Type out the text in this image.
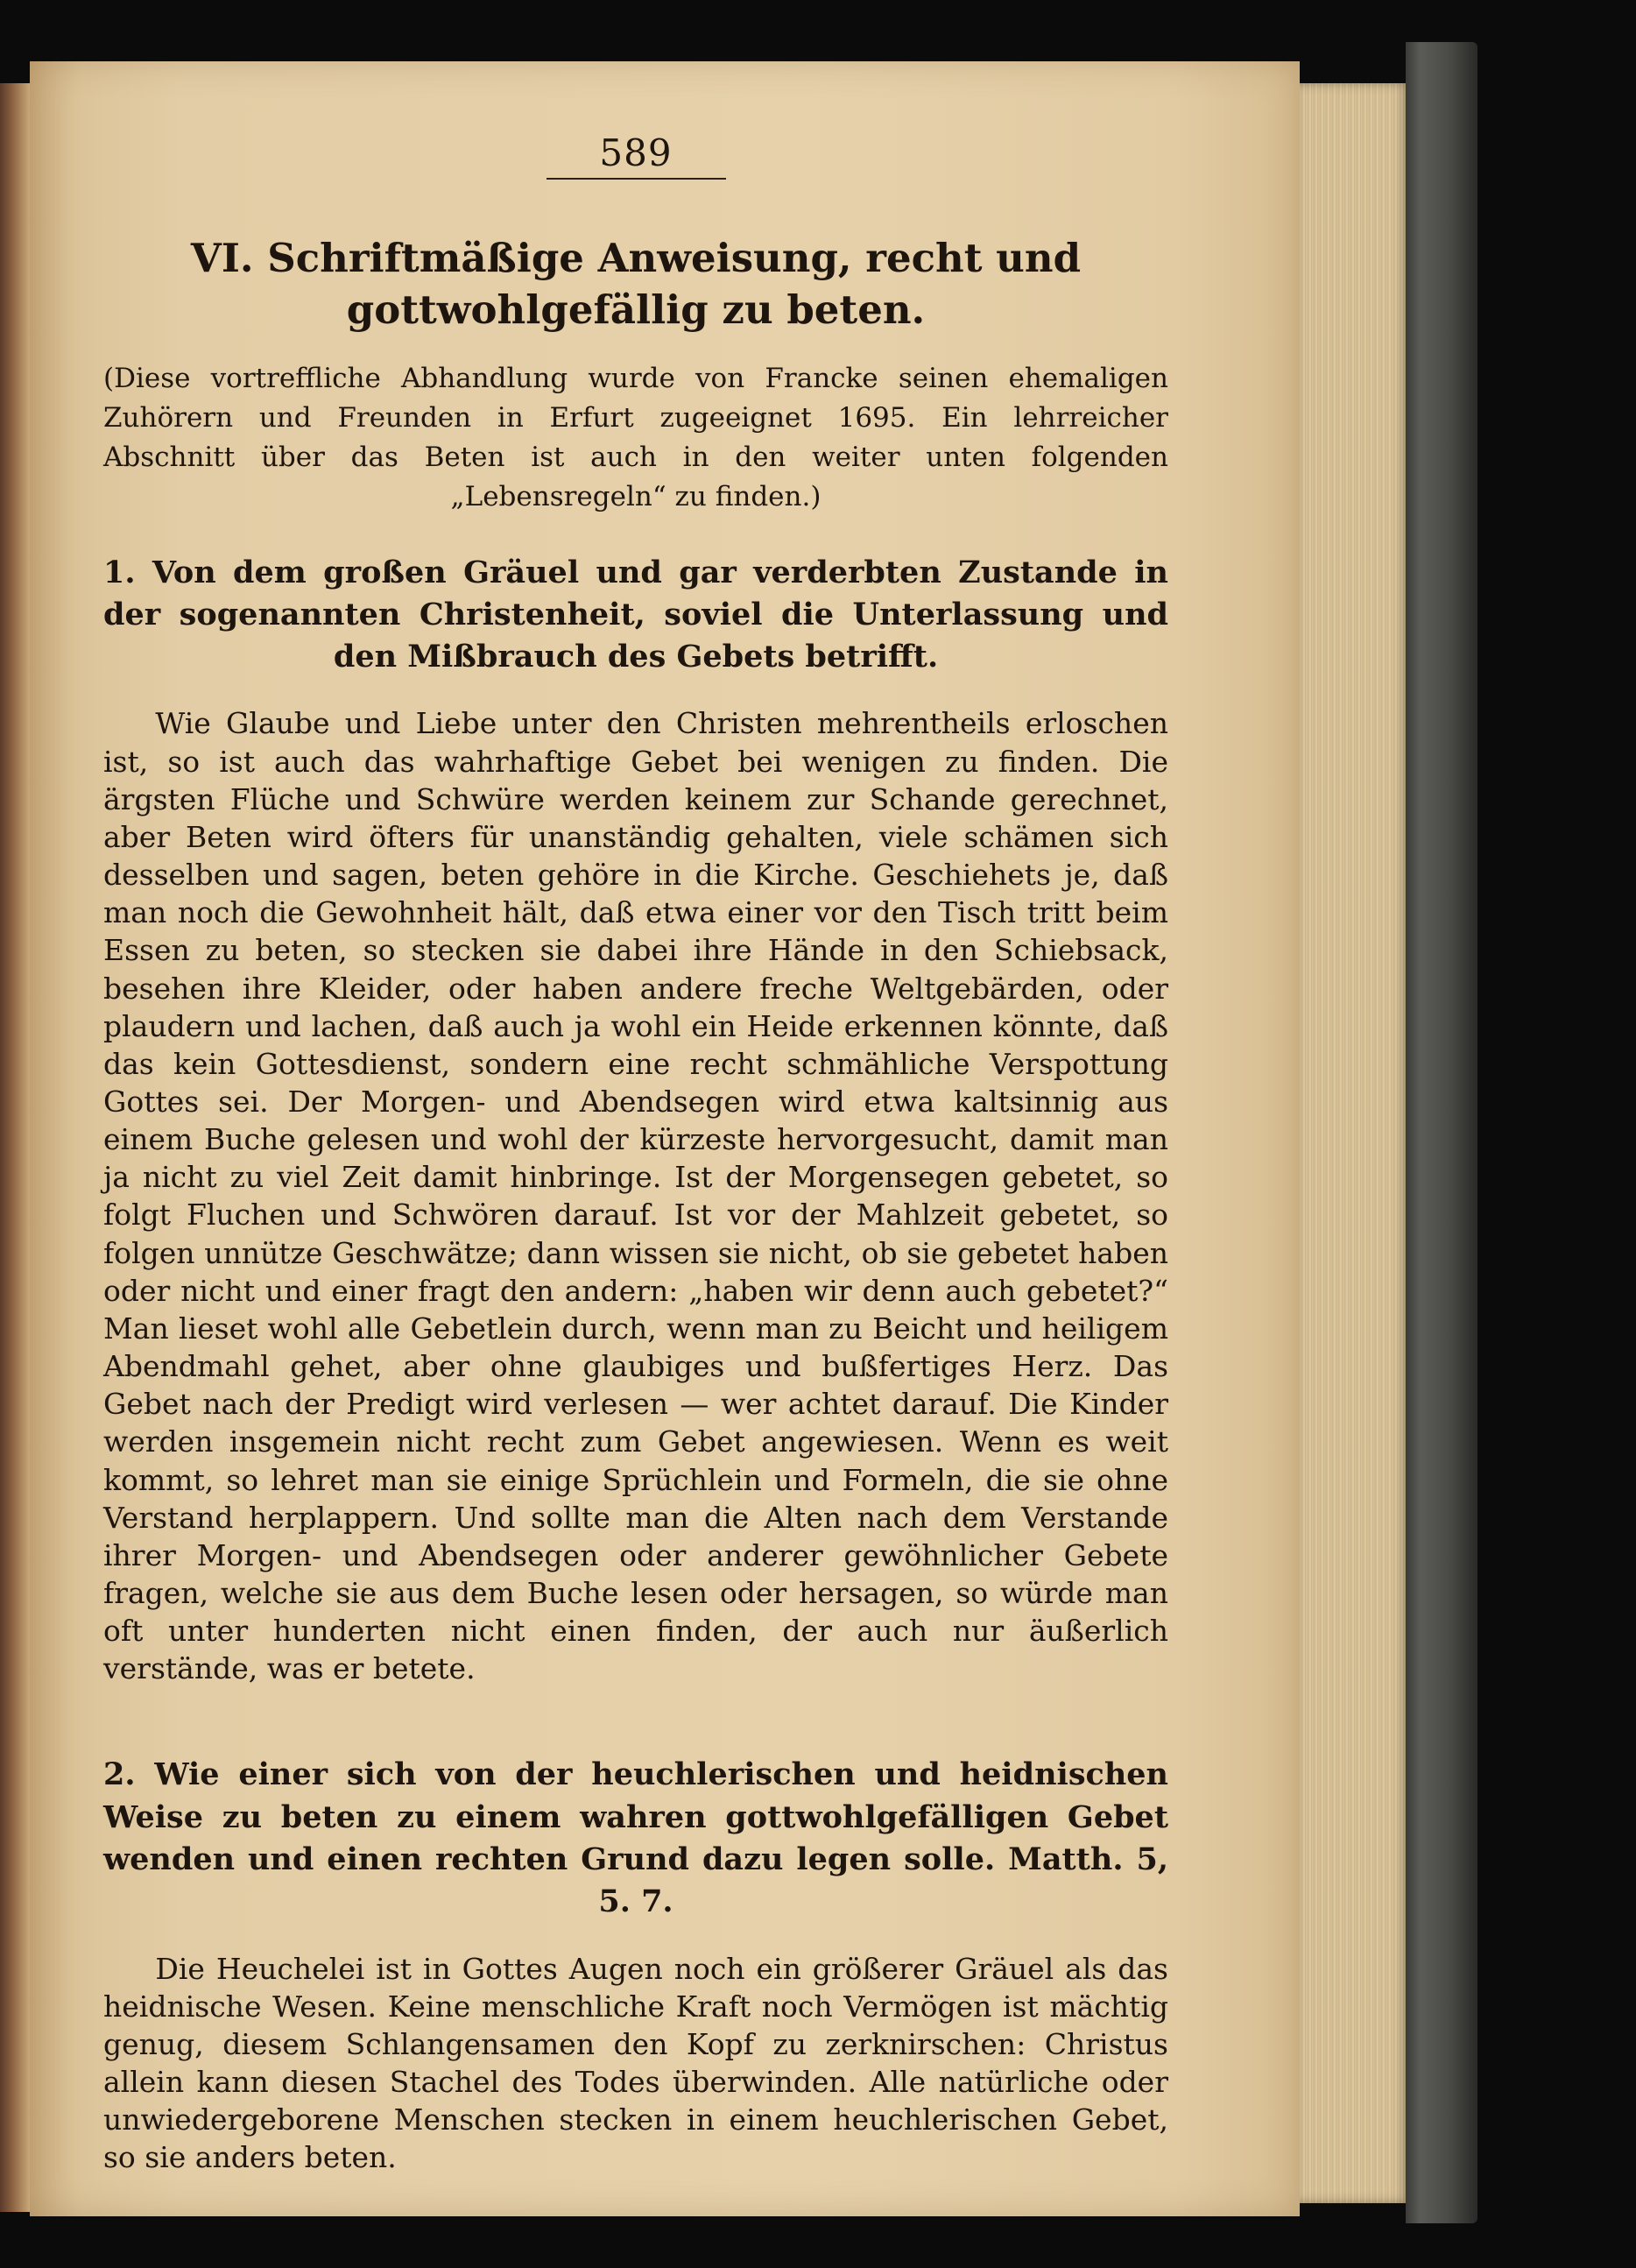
589
VI. Schriftmäßige Anweisung, recht und gottwohlgefällig zu beten.
(Diese vortreffliche Abhandlung wurde von Francke seinen ehemaligen Zuhörern und Freunden in Erfurt zugeeignet 1695. Ein lehrreicher Abschnitt über das Beten ist auch in den weiter unten folgenden „Lebensregeln“ zu finden.)
1. Von dem großen Gräuel und gar verderbten Zustande in der sogenannten Christenheit, soviel die Unterlassung und den Mißbrauch des Gebets betrifft.
Wie Glaube und Liebe unter den Christen mehrentheils erloschen ist, so ist auch das wahrhaftige Gebet bei wenigen zu finden. Die ärgsten Flüche und Schwüre werden keinem zur Schande gerechnet, aber Beten wird öfters für unanständig gehalten, viele schämen sich desselben und sagen, beten gehöre in die Kirche. Geschiehets je, daß man noch die Gewohnheit hält, daß etwa einer vor den Tisch tritt beim Essen zu beten, so stecken sie dabei ihre Hände in den Schiebsack, besehen ihre Kleider, oder haben andere freche Weltgebärden, oder plaudern und lachen, daß auch ja wohl ein Heide erkennen könnte, daß das kein Gottesdienst, sondern eine recht schmähliche Verspottung Gottes sei. Der Morgen- und Abendsegen wird etwa kaltsinnig aus einem Buche gelesen und wohl der kürzeste hervorgesucht, damit man ja nicht zu viel Zeit damit hinbringe. Ist der Morgensegen gebetet, so folgt Fluchen und Schwören darauf. Ist vor der Mahlzeit gebetet, so folgen unnütze Geschwätze; dann wissen sie nicht, ob sie gebetet haben oder nicht und einer fragt den andern: „haben wir denn auch gebetet?“ Man lieset wohl alle Gebetlein durch, wenn man zu Beicht und heiligem Abendmahl gehet, aber ohne glaubiges und bußfertiges Herz. Das Gebet nach der Predigt wird verlesen — wer achtet darauf. Die Kinder werden insgemein nicht recht zum Gebet angewiesen. Wenn es weit kommt, so lehret man sie einige Sprüchlein und Formeln, die sie ohne Verstand herplappern. Und sollte man die Alten nach dem Verstande ihrer Morgen- und Abendsegen oder anderer gewöhnlicher Gebete fragen, welche sie aus dem Buche lesen oder hersagen, so würde man oft unter hunderten nicht einen finden, der auch nur äußerlich verstände, was er betete.
2. Wie einer sich von der heuchlerischen und heidnischen Weise zu beten zu einem wahren gottwohlgefälligen Gebet wenden und einen rechten Grund dazu legen solle. Matth. 5, 5. 7.
Die Heuchelei ist in Gottes Augen noch ein größerer Gräuel als das heidnische Wesen. Keine menschliche Kraft noch Vermögen ist mächtig genug, diesem Schlangensamen den Kopf zu zerknirschen: Christus allein kann diesen Stachel des Todes überwinden. Alle natürliche oder unwiedergeborene Menschen stecken in einem heuchlerischen Gebet, so sie anders beten.
